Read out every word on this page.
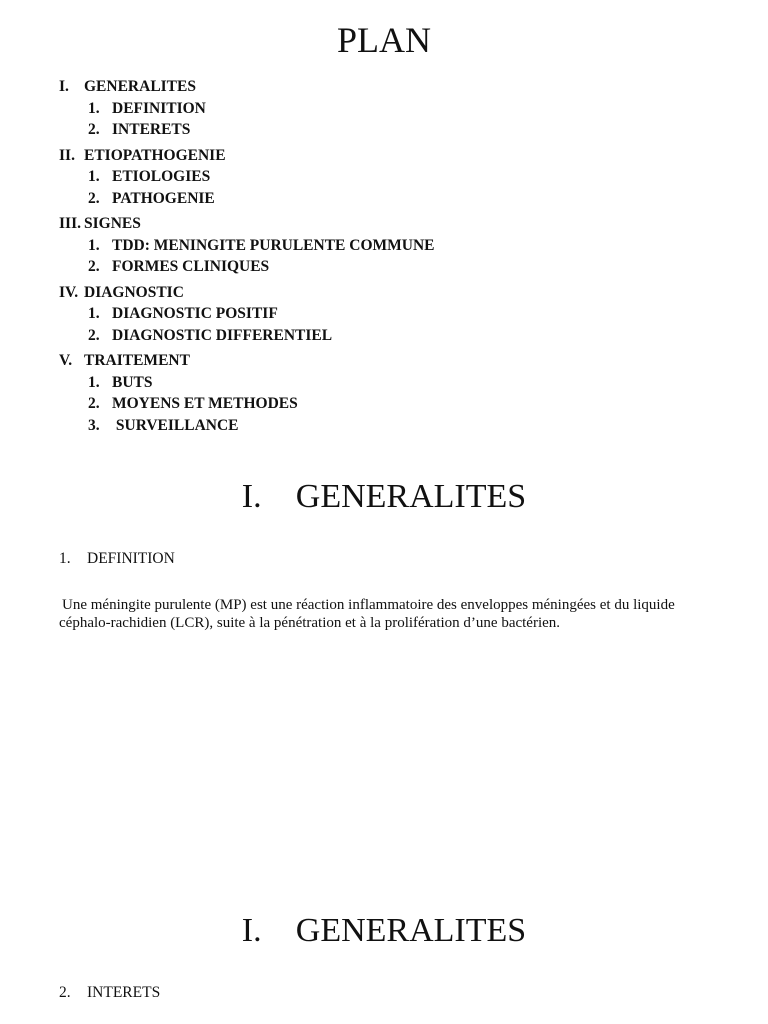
PLAN
I. GENERALITES
1. DEFINITION
2. INTERETS
II. ETIOPATHOGENIE
1. ETIOLOGIES
2. PATHOGENIE
III. SIGNES
1. TDD: MENINGITE PURULENTE COMMUNE
2. FORMES CLINIQUES
IV. DIAGNOSTIC
1. DIAGNOSTIC POSITIF
2. DIAGNOSTIC DIFFERENTIEL
V. TRAITEMENT
1. BUTS
2. MOYENS ET METHODES
3. SURVEILLANCE
I. GENERALITES
1. DEFINITION

Une méningite purulente (MP) est une réaction inflammatoire des enveloppes méningées et du liquide céphalo-rachidien (LCR), suite à la pénétration et à la prolifération d’une bactérien.

I. GENERALITES
2. INTERETS
